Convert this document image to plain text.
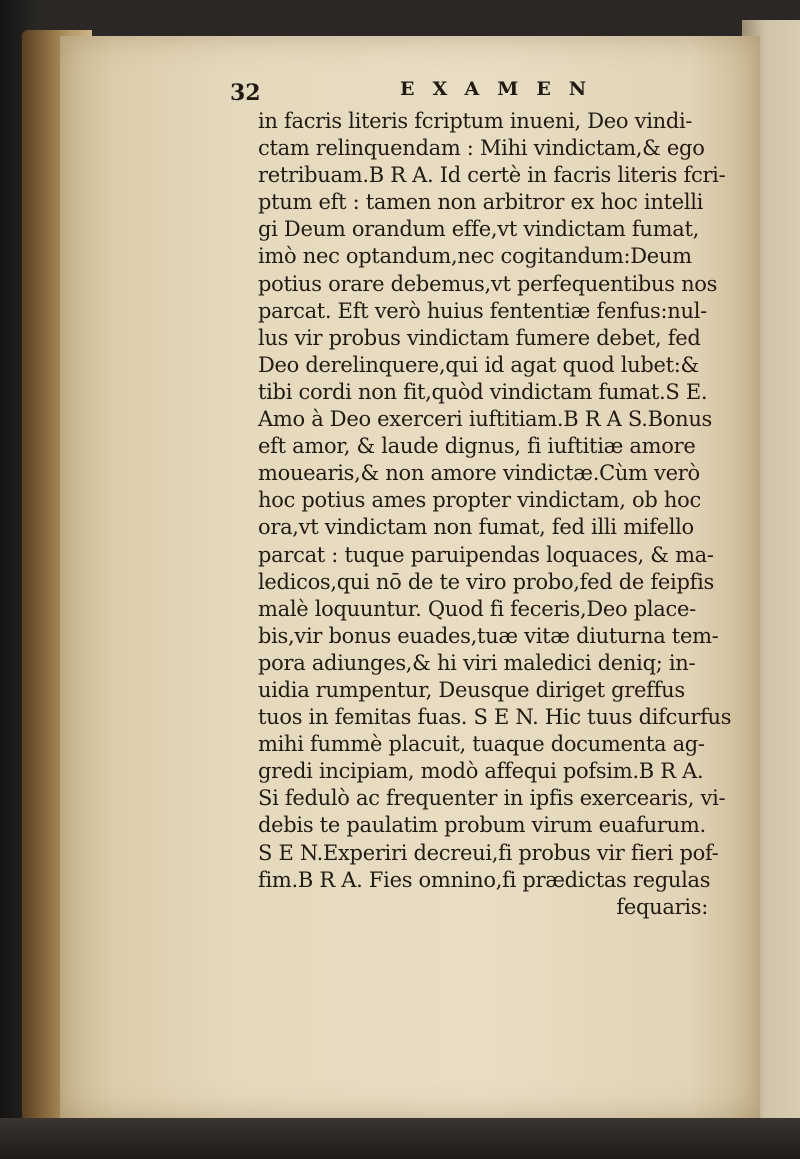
32	EXAMEN
in facris literis fcriptum inueni, Deo vindi-
ctam relinquendam : Mihi vindictam,& ego
retribuam.B R A. Id certè in facris literis fcri-
ptum eft : tamen non arbitror ex hoc intelli
gi Deum orandum effe,vt vindictam fumat,
imò nec optandum,nec cogitandum:Deum
potius orare debemus,vt perfequentibus nos
parcat. Eft verò huius fententiæ fenfus:nul-
lus vir probus vindictam fumere debet, fed
Deo derelinquere,qui id agat quod lubet:&
tibi cordi non fit,quòd vindictam fumat.S E.
Amo à Deo exerceri iuftitiam.B R A S.Bonus
eft amor, & laude dignus, fi iuftitiæ amore
mouearis,& non amore vindictæ.Cùm verò
hoc potius ames propter vindictam, ob hoc
ora,vt vindictam non fumat, fed illi mifello
parcat : tuque paruipendas loquaces, & ma-
ledicos,qui nō de te viro probo,fed de feipfis
malè loquuntur. Quod fi feceris,Deo place-
bis,vir bonus euades,tuæ vitæ diuturna tem-
pora adiunges,& hi viri maledici deniq; in-
uidia rumpentur, Deusque diriget greffus
tuos in femitas fuas. S E N. Hic tuus difcurfus
mihi fummè placuit, tuaque documenta ag-
gredi incipiam, modò affequi pofsim.B R A.
Si fedulò ac frequenter in ipfis exercearis, vi-
debis te paulatim probum virum euafurum.
S E N.Experiri decreui,fi probus vir fieri pof-
fim.B R A. Fies omnino,fi prædictas regulas
fequaris:
